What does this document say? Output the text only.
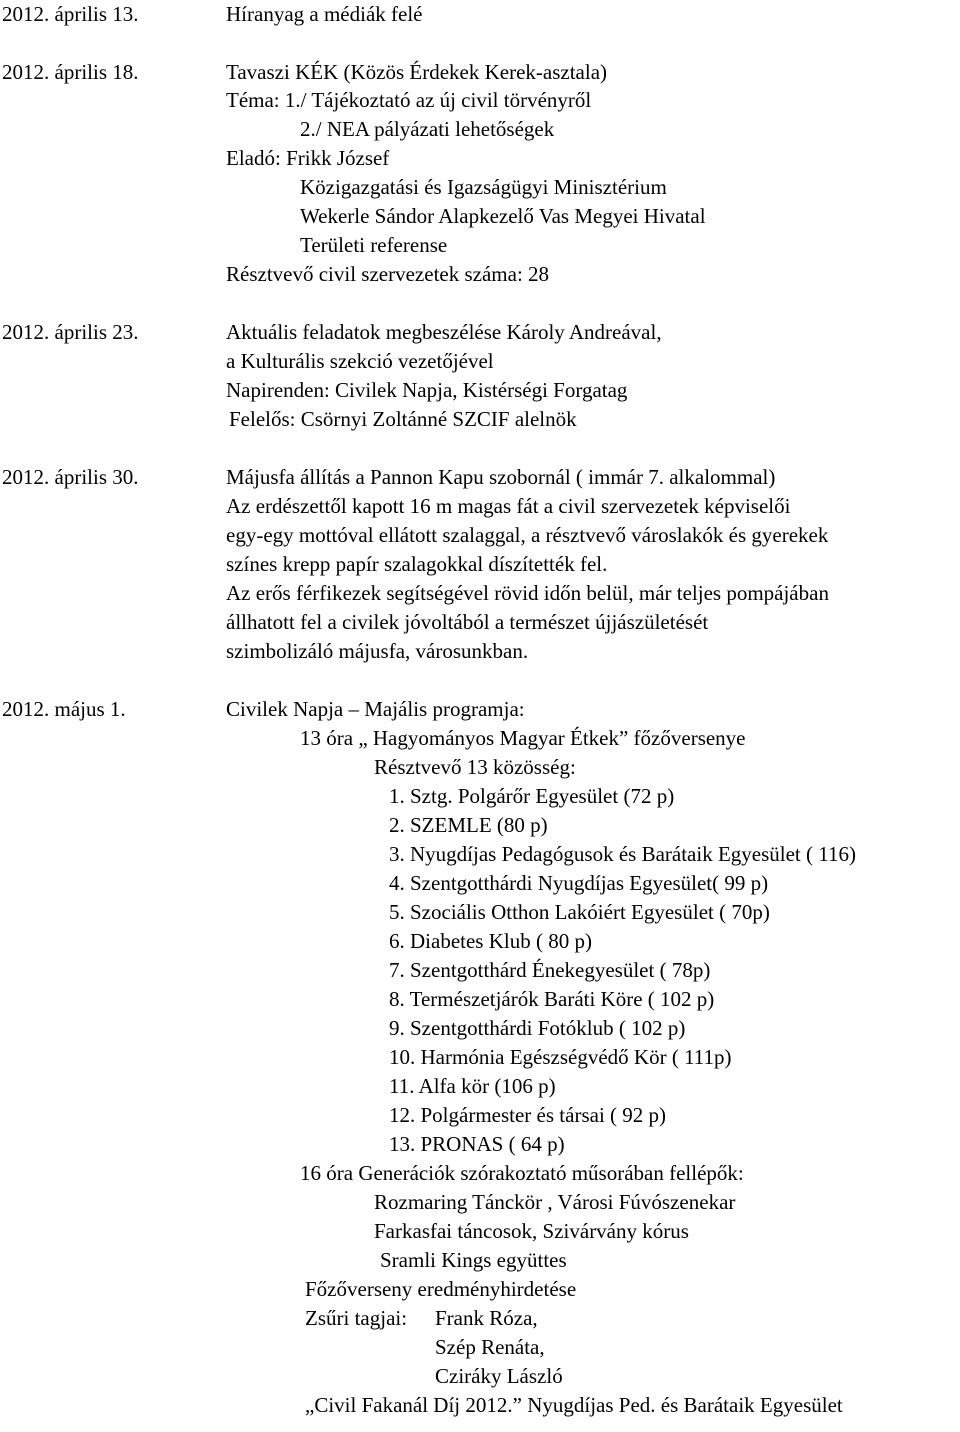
2012. április 13.	Híranyag a médiák felé
2012. április 18.	Tavaszi KÉK (Közös Érdekek Kerek-asztala)
Téma: 1./ Tájékoztató az új civil törvényről
2./ NEA pályázati lehetőségek
Eladó: Frikk József
Közigazgatási és Igazságügyi Minisztérium
Wekerle Sándor Alapkezelő Vas Megyei Hivatal
Területi referense
Résztvevő civil szervezetek száma: 28
2012. április 23.	Aktuális feladatok megbeszélése Károly Andreával,
a Kulturális szekció vezetőjével
Napirenden: Civilek Napja, Kistérségi Forgatag
Felelős: Csörnyi Zoltánné SZCIF alelnök
2012. április 30.	Májusfa állítás a Pannon Kapu szobornál ( immár 7. alkalommal)
Az erdészettől kapott 16 m magas fát a civil szervezetek képviselői
egy-egy mottóval ellátott szalaggal, a résztvevő városlakók és gyerekek
színes krepp papír szalagokkal díszítették fel.
Az erős férfikezek segítségével rövid időn belül, már teljes pompájában
állhatott fel a civilek jóvoltából a természet újjászületését
szimbolizáló májusfa, városunkban.
2012. május 1.	Civilek Napja – Majális programja:
13 óra „ Hagyományos Magyar Étkek” főzőversenye
Résztvevő 13 közösség:
1. Sztg. Polgárőr Egyesület (72 p)
2. SZEMLE (80 p)
3. Nyugdíjas Pedagógusok és Barátaik Egyesület ( 116)
4. Szentgotthárdi Nyugdíjas Egyesület( 99 p)
5. Szociális Otthon Lakóiért Egyesület ( 70p)
6. Diabetes Klub ( 80 p)
7. Szentgotthárd Énekegyesület ( 78p)
8. Természetjárók Baráti Köre ( 102 p)
9. Szentgotthárdi Fotóklub ( 102 p)
10. Harmónia Egészségvédő Kör ( 111p)
11. Alfa kör (106 p)
12. Polgármester és társai ( 92 p)
13. PRONAS ( 64 p)
16 óra Generációk szórakoztató műsorában fellépők:
Rozmaring Tánckör , Városi Fúvószenekar
Farkasfai táncosok, Szivárvány kórus
Sramli Kings együttes
Főzőverseny eredményhirdetése
Zsűri tagjai: Frank Róza,
Szép Renáta,
Cziráky László
„Civil Fakanál Díj 2012.” Nyugdíjas Ped. és Barátaik Egyesület
